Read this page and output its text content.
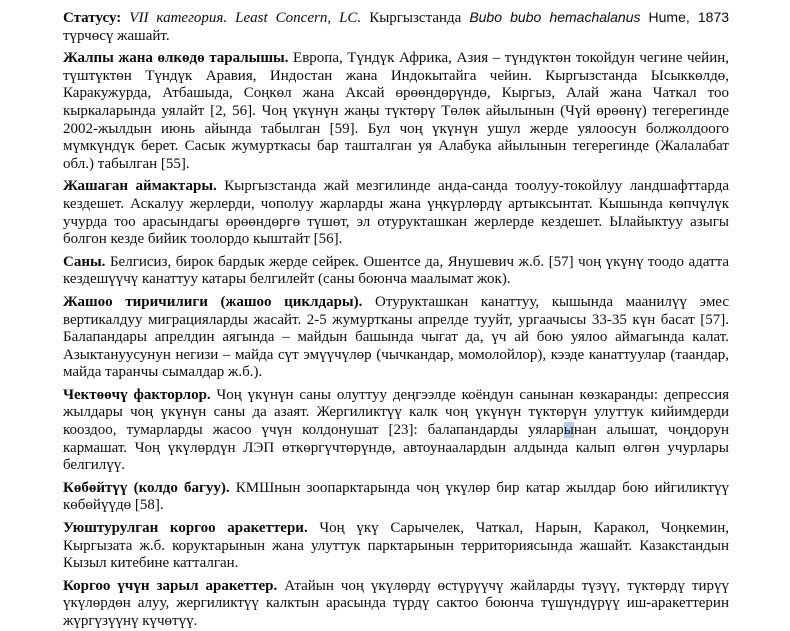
Статусу: VII категория. Least Concern, LC. Кыргызстанда Bubo bubo hemachalanus Hume, 1873 түрчөсү жашайт.

Жалпы жана өлкөдө таралышы. Европа, Түндүк Африка, Азия – түндүктөн токойдун чегине чейин, түштүктөн Түндүк Аравия, Индостан жана Индокытайга чейин. Кыргызстанда Ысыккөлдө, Каракужурда, Атбашыда, Соңкөл жана Аксай өрөөндөрүндө, Кыргыз, Алай жана Чаткал тоо кыркаларында уялайт [2, 56]. Чоң үкүнүн жаңы түктөрү Төлөк айылынын (Чүй өрөөнү) тегерегинде 2002-жылдын июнь айында табылган [59]. Бул чоң үкүнүн ушул жерде уялоосун болжолдоого мүмкүндүк берет. Сасык жумурткасы бар ташталган уя Алабука айылынын тегерегинде (Жалалабат обл.) табылган [55].

Жашаган аймактары. Кыргызстанда жай мезгилинде анда-санда тоолуу-токойлуу ландшафттарда кездешет. Аскалуу жерлерди, чополуу жарларды жана үңкүрлөрдү артыксынтат. Кышында көпчүлүк учурда тоо арасындагы өрөөндөргө түшөт, эл отурукташкан жерлерде кездешет. Ылайыктуу азыгы болгон кезде бийик тоолордо кыштайт [56].

Саны. Белгисиз, бирок бардык жерде сейрек. Ошентсе да, Янушевич ж.б. [57] чоң үкүнү тоодо адатта кездешүүчү канаттуу катары белгилейт (саны боюнча маалымат жок).

Жашоо тиричилиги (жашоо циклдары). Отурукташкан канаттуу, кышында маанилүү эмес вертикалдуу миграцияларды жасайт. 2-5 жумуртканы апрелде тууйт, ургаачысы 33-35 күн басат [57]. Балапандары апрелдин аягында – майдын башында чыгат да, үч ай бою уялоо аймагында калат. Азыктануусунун негизи – майда сүт эмүүчүлөр (чычкандар, момолойлор), кээде канаттуулар (таандар, майда таранчы сымалдар ж.б.).

Чектөөчү факторлор. Чоң үкүнүн саны олуттуу деңгээлде коёндун санынан көзкаранды: депрессия жылдары чоң үкүнүн саны да азаят. Жергиликтүү калк чоң үкүнүн түктөрүн улуттук кийимдерди кооздоо, тумарларды жасоо үчүн колдонушат [23]: балапандарды уяларынан алышат, чоңдорун кармашат. Чоң үкүлөрдүн ЛЭП өткөргүчтөрүндө, автоунаалардын алдында калып өлгөн учурлары белгилүү.

Көбөйтүү (колдо багуу). КМШнын зоопарктарында чоң үкүлөр бир катар жылдар бою ийгиликтүү көбөйүүдө [58].

Уюштурулган коргоо аракеттери. Чоң үкү Сарычелек, Чаткал, Нарын, Каракол, Чоңкемин, Кыргызата ж.б. коруктарынын жана улуттук парктарынын территориясында жашайт. Казакстандын Кызыл китебине катталган.

Коргоо үчүн зарыл аракеттер. Атайын чоң үкүлөрдү өстүрүүчү жайларды түзүү, түктөрдү тирүү үкүлөрдөн алуу, жергиликтүү калктын арасында түрдү сактоо боюнча түшүндүрүү иш-аракеттерин жүргүзүүнү күчөтүү.
